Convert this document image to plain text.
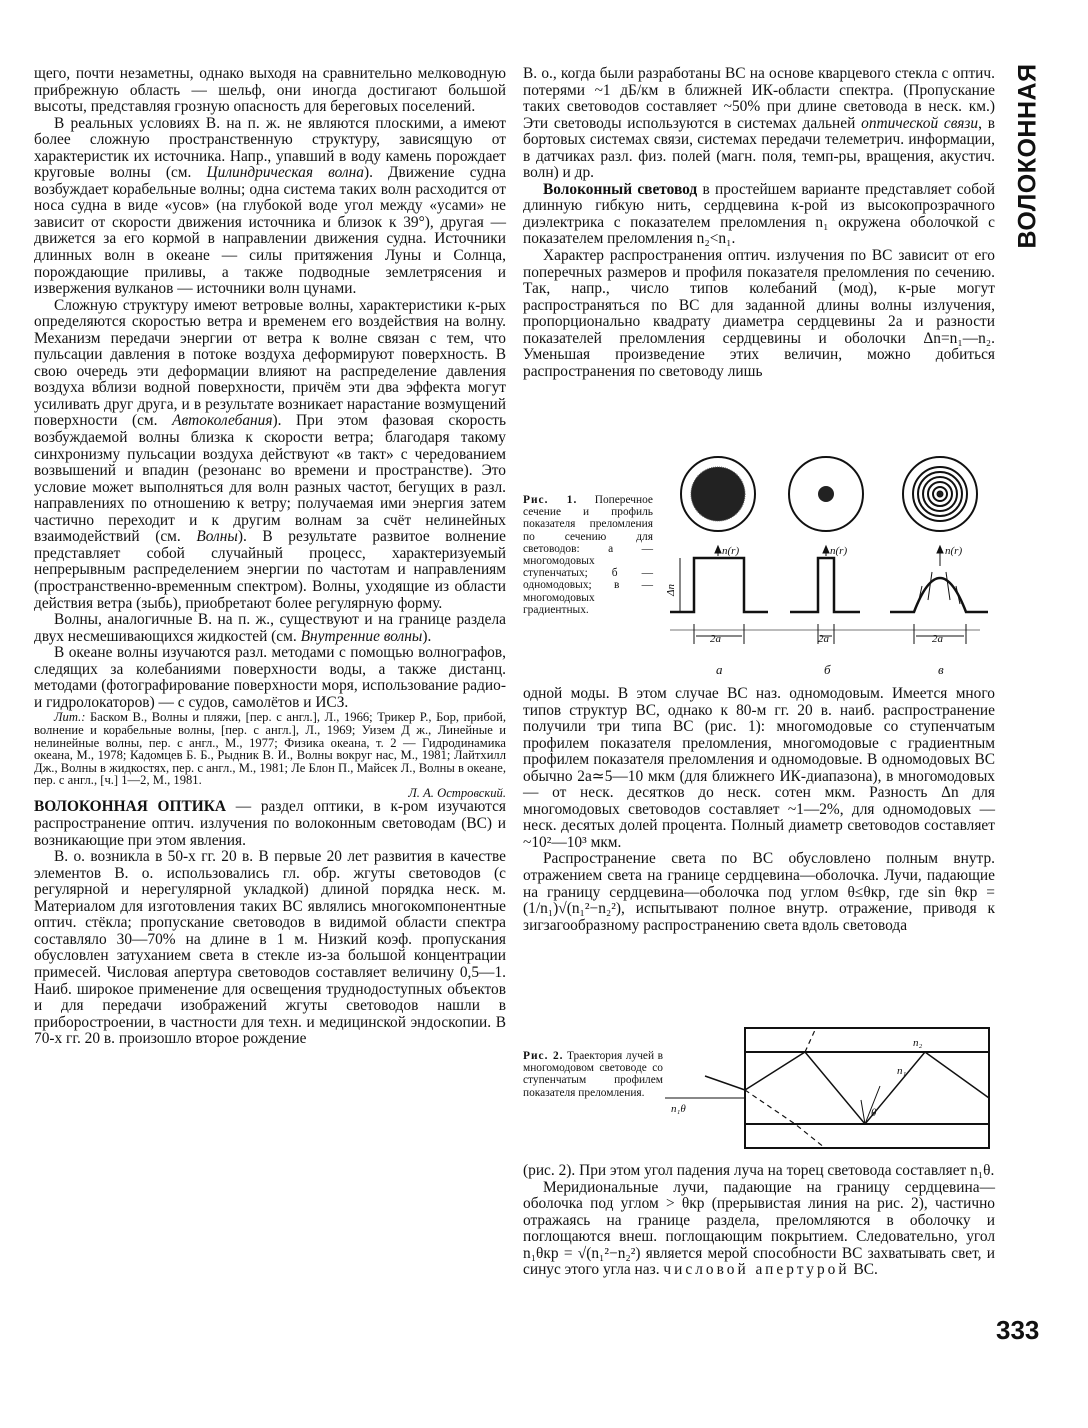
ВОЛОКОННАЯ

щего, почти незаметны, однако выходя на сравнительно мелководную прибрежную область — шельф, они иногда достигают большой высоты, представляя грозную опасность для береговых поселений.

В реальных условиях В. на п. ж. не являются плоскими, а имеют более сложную пространственную структуру, зависящую от характеристик их источника. Напр., упавший в воду камень порождает круговые волны (см. Цилиндрическая волна). Движение судна возбуждает корабельные волны; одна система таких волн расходится от носа судна в виде «усов» (на глубокой воде угол между «усами» не зависит от скорости движения источника и близок к 39°), другая — движется за его кормой в направлении движения судна. Источники длинных волн в океане — силы притяжения Луны и Солнца, порождающие приливы, а также подводные землетрясения и извержения вулканов — источники волн цунами.

Сложную структуру имеют ветровые волны, характеристики к-рых определяются скоростью ветра и временем его воздействия на волну. Механизм передачи энергии от ветра к волне связан с тем, что пульсации давления в потоке воздуха деформируют поверхность. В свою очередь эти деформации влияют на распределение давления воздуха вблизи водной поверхности, причём эти два эффекта могут усиливать друг друга, и в результате возникает нарастание возмущений поверхности (см. Автоколебания). При этом фазовая скорость возбуждаемой волны близка к скорости ветра; благодаря такому синхронизму пульсации воздуха действуют «в такт» с чередованием возвышений и впадин (резонанс во времени и пространстве). Это условие может выполняться для волн разных частот, бегущих в разл. направлениях по отношению к ветру; получаемая ими энергия затем частично переходит и к другим волнам за счёт нелинейных взаимодействий (см. Волны). В результате развитое волнение представляет собой случайный процесс, характеризуемый непрерывным распределением энергии по частотам и направлениям (пространственно-временным спектром). Волны, уходящие из области действия ветра (зыбь), приобретают более регулярную форму.

Волны, аналогичные В. на п. ж., существуют и на границе раздела двух несмешивающихся жидкостей (см. Внутренние волны).

В океане волны изучаются разл. методами с помощью волнографов, следящих за колебаниями поверхности воды, а также дистанц. методами (фотографирование поверхности моря, использование радио- и гидролокаторов) — с судов, самолётов и ИСЗ.

Лит.: Баском В., Волны и пляжи, [пер. с англ.], Л., 1966; Трикер Р., Бор, прибой, волнение и корабельные волны, [пер. с англ.], Л., 1969; Уизем Д ж., Линейные и нелинейные волны, пер. с англ., М., 1977; Физика океана, т. 2 — Гидродинамика океана, М., 1978; Кадомцев Б. Б., Рыдник В. И., Волны вокруг нас, М., 1981; Лайтхилл Дж., Волны в жидкостях, пер. с англ., М., 1981; Ле Блон П., Майсек Л., Волны в океане, пер. с англ., [ч.] 1—2, М., 1981.

Л. А. Островский.

ВОЛОКОННАЯ ОПТИКА — раздел оптики, в к-ром изучаются распространение оптич. излучения по волоконным световодам (ВС) и возникающие при этом явления.

В. о. возникла в 50-х гг. 20 в. В первые 20 лет развития в качестве элементов В. о. использовались гл. обр. жгуты световодов (с регулярной и нерегулярной укладкой) длиной порядка неск. м. Материалом для изготовления таких ВС являлись многокомпонентные оптич. стёкла; пропускание световодов в видимой области спектра составляло 30—70% на длине в 1 м. Низкий коэф. пропускания обусловлен затуханием света в стекле из-за большой концентрации примесей. Числовая апертура световодов составляет величину 0,5—1. Наиб. широкое применение для освещения труднодоступных объектов и для передачи изображений жгуты световодов нашли в приборостроении, в частности для техн. и медицинской эндоскопии. В 70-х гг. 20 в. произошло второе рождение

В. о., когда были разработаны ВС на основе кварцевого стекла с оптич. потерями ~1 дБ/км в ближней ИК-области спектра. (Пропускание таких световодов составляет ~50% при длине световода в неск. км.) Эти световоды используются в системах дальней оптической связи, в бортовых системах связи, системах передачи телеметрич. информации, в датчиках разл. физ. полей (магн. поля, темп-ры, вращения, акустич. волн) и др.

Волоконный световод в простейшем варианте представляет собой длинную гибкую нить, сердцевина к-рой из высокопрозрачного диэлектрика с показателем преломления n₁ окружена оболочкой с показателем преломления n₂<n₁.

Характер распространения оптич. излучения по ВС зависит от его поперечных размеров и профиля показателя преломления по сечению. Так, напр., число типов колебаний (мод), к-рые могут распространяться по ВС для заданной длины волны излучения, пропорционально квадрату диаметра сердцевины 2a и разности показателей преломления сердцевины и оболочки Δn=n₁—n₂. Уменьшая произведение этих величин, можно добиться распространения по световоду лишь

одной моды. В этом случае ВС наз. одномодовым. Имеется много типов структур ВС, однако к 80-м гг. 20 в. наиб. распространение получили три типа ВС (рис. 1): многомодовые со ступенчатым профилем показателя преломления, многомодовые с градиентным профилем показателя преломления и одномодовые. В одномодовых ВС обычно 2a≃5—10 мкм (для ближнего ИК-диапазона), в многомодовых — от неск. десятков до неск. сотен мкм. Разность Δn для многомодовых световодов составляет ~1—2%, для одномодовых — неск. десятых долей процента. Полный диаметр световодов составляет ~10²—10³ мкм.

Распространение света по ВС обусловлено полным внутр. отражением света на границе сердцевина—оболочка. Лучи, падающие на границу сердцевина—оболочка под углом θ≤θкр, где sin θкр = (1/n₁)√(n₁²−n₂²), испытывают полное внутр. отражение, приводя к зигзагообразному распространению света вдоль световода

(рис. 2). При этом угол падения луча на торец световода составляет n₁θ.

Меридиональные лучи, падающие на границу сердцевина—оболочка под углом > θкр (прерывистая линия на рис. 2), частично отражаясь на границе раздела, преломляются в оболочку и поглощаются внеш. поглощающим покрытием. Следовательно, угол n₁θкр = √(n₁²−n₂²) является мерой способности ВС захватывать свет, и синус этого угла наз. числовой апертурой ВС.

Рис. 1. Поперечное сечение и профиль показателя преломления по сечению для световодов: а — многомодовых ступенчатых; б — одномодовых; в — многомодовых градиентных.
n(r)	n(r)	n(r)
Δn
2a	2a	2a
а	б	в
Рис. 2. Траектория лучей в многомодовом световоде со ступенчатым профилем показателя преломления.
n₂
n₁
θ
n₁θ
333
